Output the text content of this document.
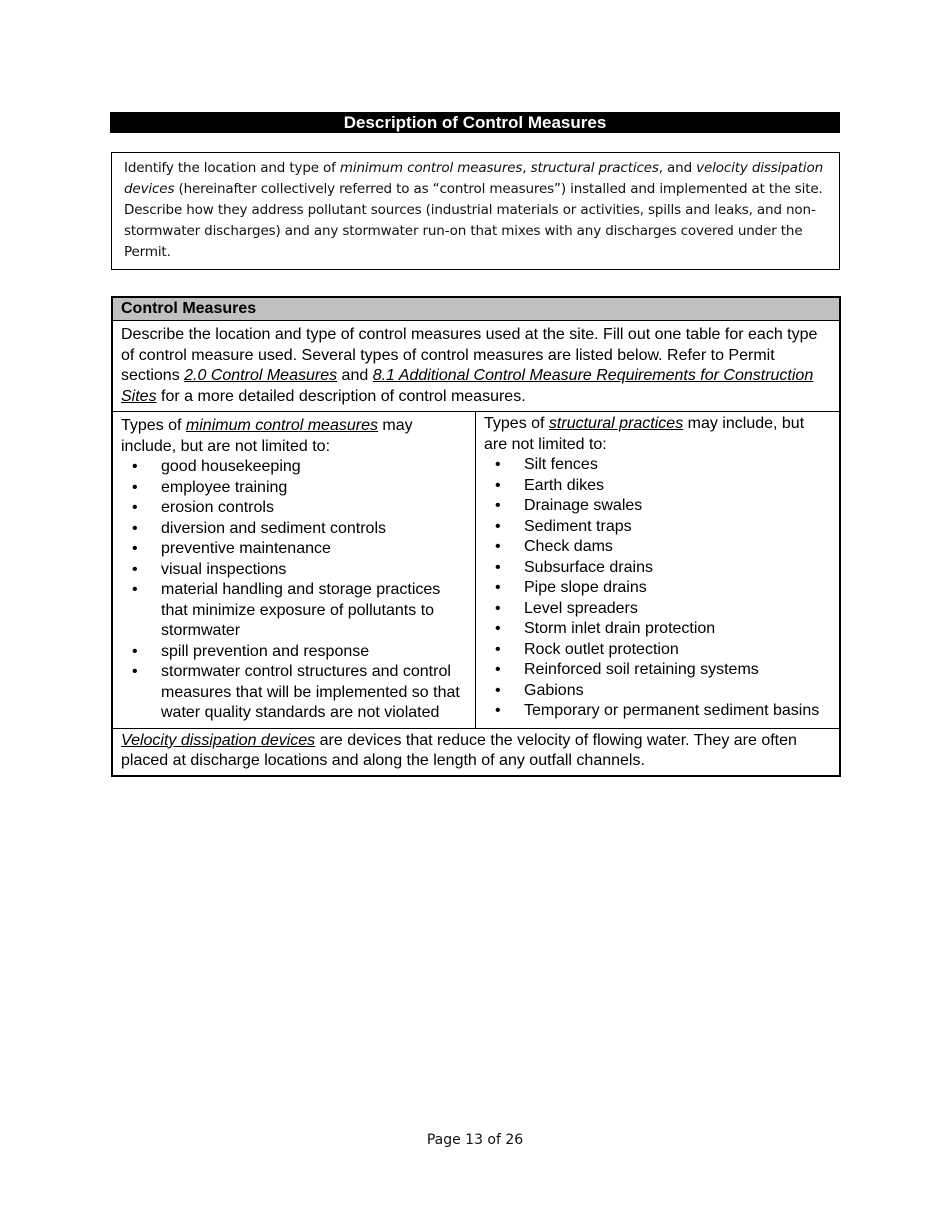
Description of Control Measures
Identify the location and type of minimum control measures, structural practices, and velocity dissipation devices (hereinafter collectively referred to as “control measures”) installed and implemented at the site. Describe how they address pollutant sources (industrial materials or activities, spills and leaks, and non-stormwater discharges) and any stormwater run-on that mixes with any discharges covered under the Permit.
Control Measures
Describe the location and type of control measures used at the site. Fill out one table for each type of control measure used. Several types of control measures are listed below. Refer to Permit sections 2.0 Control Measures and 8.1 Additional Control Measure Requirements for Construction Sites for a more detailed description of control measures.
Types of minimum control measures may include, but are not limited to:
• good housekeeping
• employee training
• erosion controls
• diversion and sediment controls
• preventive maintenance
• visual inspections
• material handling and storage practices that minimize exposure of pollutants to stormwater
• spill prevention and response
• stormwater control structures and control measures that will be implemented so that water quality standards are not violated
Types of structural practices may include, but are not limited to:
• Silt fences
• Earth dikes
• Drainage swales
• Sediment traps
• Check dams
• Subsurface drains
• Pipe slope drains
• Level spreaders
• Storm inlet drain protection
• Rock outlet protection
• Reinforced soil retaining systems
• Gabions
• Temporary or permanent sediment basins
Velocity dissipation devices are devices that reduce the velocity of flowing water. They are often placed at discharge locations and along the length of any outfall channels.
Page 13 of 26
